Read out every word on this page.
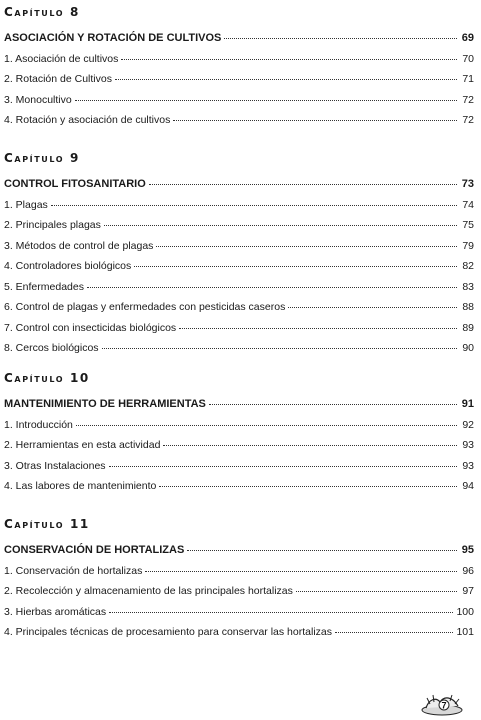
Capítulo 8
ASOCIACIÓN Y ROTACIÓN DE CULTIVOS	69
1. Asociación de cultivos	70
2. Rotación de Cultivos	71
3. Monocultivo	72
4. Rotación y asociación de cultivos	72
Capítulo 9
CONTROL FITOSANITARIO	73
1. Plagas	74
2. Principales plagas	75
3. Métodos de control de plagas	79
4. Controladores biológicos	82
5. Enfermedades	83
6. Control de plagas y enfermedades con pesticidas caseros	88
7. Control con insecticidas biológicos	89
8. Cercos biológicos	90
Capítulo 10
MANTENIMIENTO DE HERRAMIENTAS	91
1. Introducción	92
2. Herramientas en esta actividad	93
3. Otras Instalaciones	93
4. Las labores de mantenimiento	94
Capítulo 11
CONSERVACIÓN DE HORTALIZAS	95
1. Conservación de hortalizas	96
2. Recolección y almacenamiento de las principales hortalizas	97
3. Hierbas aromáticas	100
4. Principales técnicas de procesamiento para conservar las hortalizas	101
7
